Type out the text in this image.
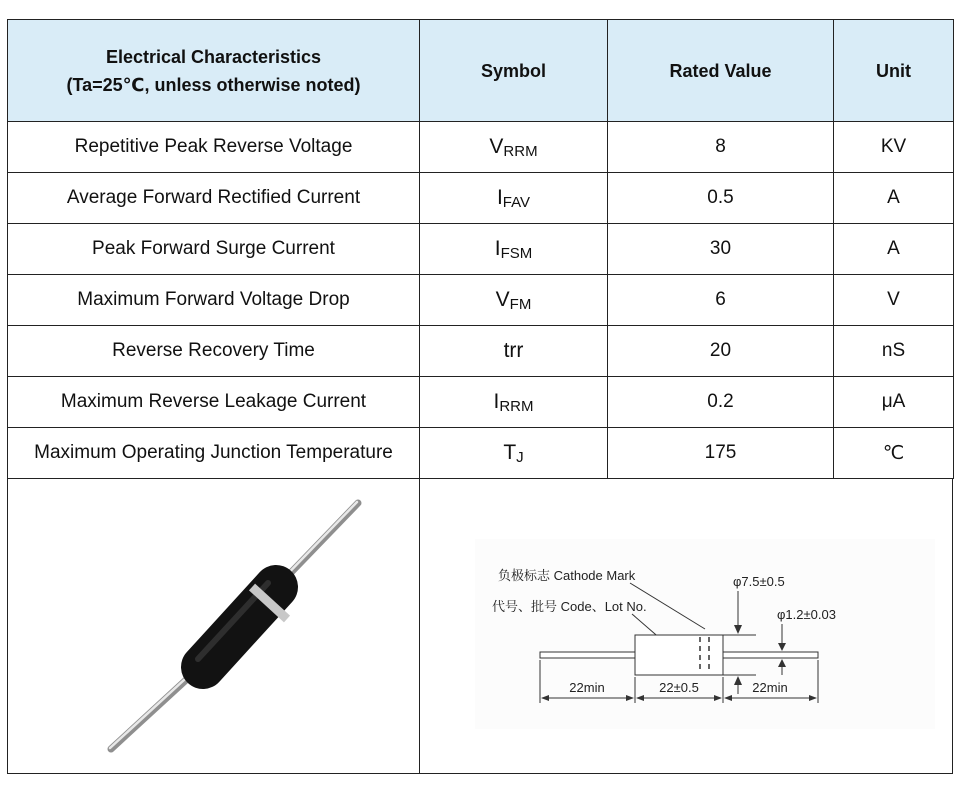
Electrical Characteristics
(Ta=25℃, unless otherwise noted)	Symbol	Rated Value	Unit
Repetitive Peak Reverse Voltage	$V_{RRM}$	8	KV
Average Forward Rectified Current	$I_{FAV}$	0.5	A
Peak Forward Surge Current	$I_{FSM}$	30	A
Maximum Forward Voltage Drop	$V_{FM}$	6	V
Reverse Recovery Time	trr	20	nS
Maximum Reverse Leakage Current	$I_{RRM}$	0.2	μA
Maximum Operating Junction Temperature	$T_J$	175	℃
负极标志 Cathode Mark
代号、批号 Code、Lot No.
φ7.5±0.5
φ1.2±0.03
22min	22±0.5	22min
